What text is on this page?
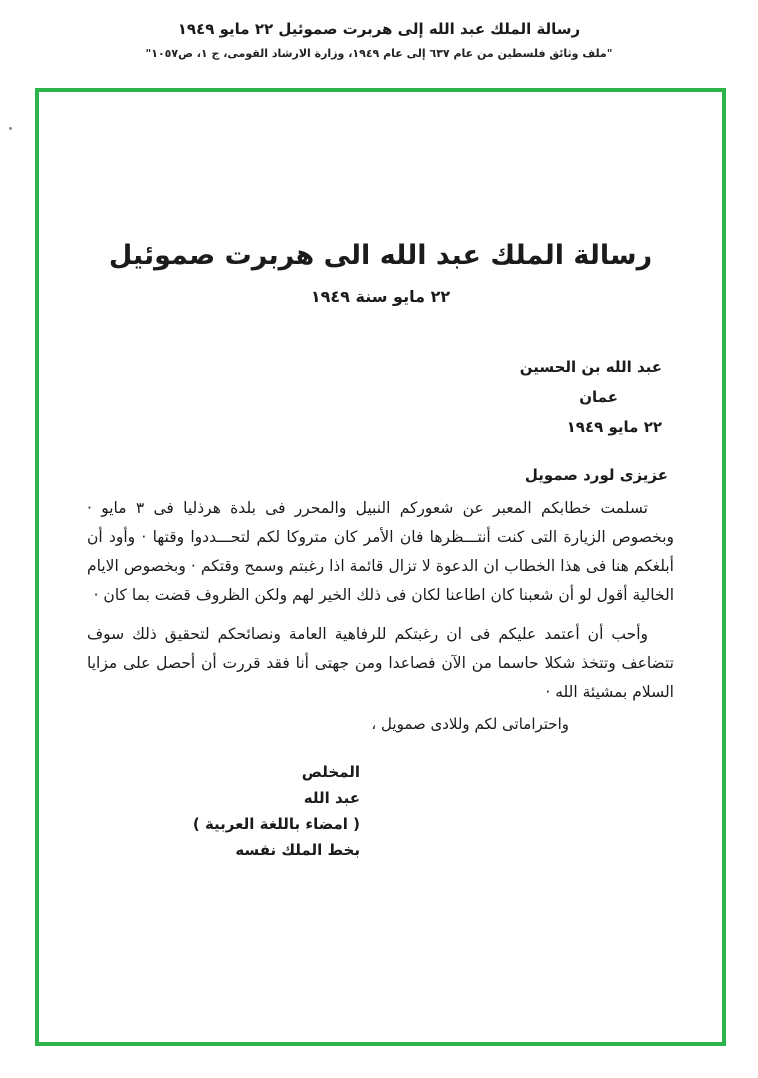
رسالة الملك عبد الله إلى هربرت صموئيل ٢٢ مايو ١٩٤٩
"ملف وثائق فلسطين من عام ٦٣٧ إلى عام ١٩٤٩، وزارة الارشاد القومى، ج ١، ص١٠٥٧"
رسالة الملك عبد الله الى هربرت صموئيل
٢٢ مايو سنة ١٩٤٩
عبد الله بن الحسين
عمان
٢٢ مايو ١٩٤٩
عزيزى لورد صمويل

تسلمت خطابكم المعبر عن شعوركم النبيل والمحرر فى بلدة هرذليا فى ٣ مايو · وبخصوص الزيارة التى كنت أنتـــظرها فان الأمر كان متروكا لكم لتحـــددوا وقتها · وأود أن أبلغكم هنا فى هذا الخطاب ان الدعوة لا تزال قائمة اذا رغبتم وسمح وقتكم · وبخصوص الايام الخالية أقول لو أن شعبنا كان اطاعنا لكان فى ذلك الخير لهم ولكن الظروف قضت بما كان ·

وأحب أن أعتمد عليكم فى ان رغبتكم للرفاهية العامة ونصائحكم لتحقيق ذلك سوف تتضاعف وتتخذ شكلا حاسما من الآن فصاعدا ومن جهتى أنا فقد قررت أن أحصل على مزايا السلام بمشيئة الله ·

واحتراماتى لكم وللادى صمويل ،
المخلص
عبد الله
( امضاء باللغة العربية )
بخط الملك نفسه
